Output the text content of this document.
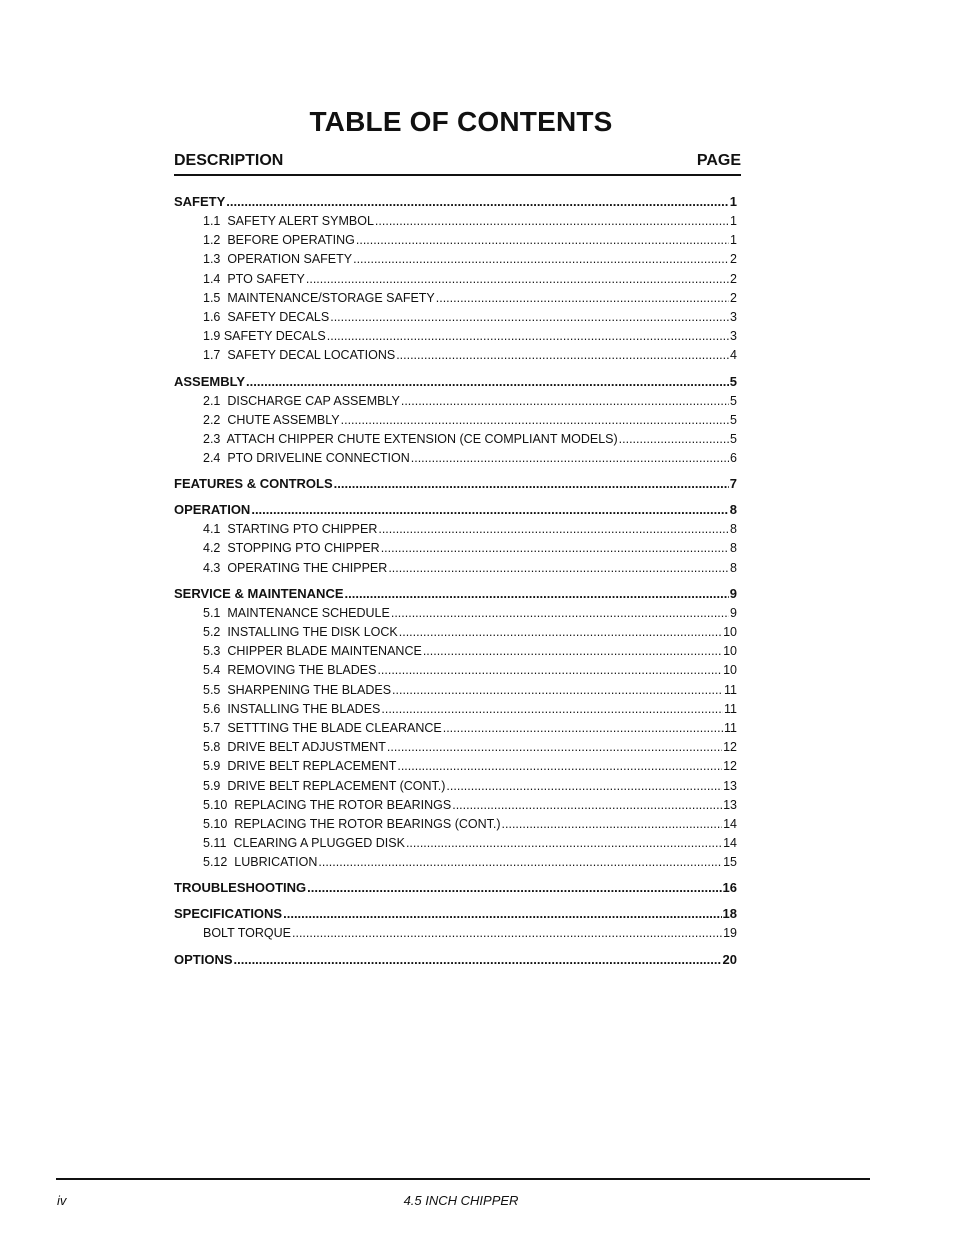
TABLE OF CONTENTS
DESCRIPTION	PAGE
SAFETY .....	1
1.1  SAFETY ALERT SYMBOL .....	1
1.2  BEFORE OPERATING .....	1
1.3  OPERATION SAFETY .....	2
1.4  PTO SAFETY .....	2
1.5  MAINTENANCE/STORAGE SAFETY .....	2
1.6  SAFETY DECALS .....	3
1.9 SAFETY DECALS .....	3
1.7  SAFETY DECAL LOCATIONS .....	4
ASSEMBLY .....	5
2.1  DISCHARGE CAP ASSEMBLY .....	5
2.2  CHUTE ASSEMBLY .....	5
2.3  ATTACH CHIPPER CHUTE EXTENSION (CE COMPLIANT MODELS) .....	5
2.4  PTO DRIVELINE CONNECTION .....	6
FEATURES & CONTROLS .....	7
OPERATION .....	8
4.1  STARTING PTO CHIPPER .....	8
4.2  STOPPING PTO CHIPPER .....	8
4.3  OPERATING THE CHIPPER .....	8
SERVICE & MAINTENANCE .....	9
5.1  MAINTENANCE SCHEDULE .....	9
5.2  INSTALLING THE DISK LOCK .....	10
5.3  CHIPPER BLADE MAINTENANCE .....	10
5.4  REMOVING THE BLADES .....	10
5.5  SHARPENING THE BLADES .....	11
5.6  INSTALLING THE BLADES .....	11
5.7  SETTTING THE BLADE CLEARANCE .....	11
5.8  DRIVE BELT ADJUSTMENT .....	12
5.9  DRIVE BELT REPLACEMENT .....	12
5.9  DRIVE BELT REPLACEMENT (CONT.) .....	13
5.10  REPLACING THE ROTOR BEARINGS .....	13
5.10  REPLACING THE ROTOR BEARINGS (CONT.) .....	14
5.11  CLEARING A PLUGGED DISK .....	14
5.12  LUBRICATION .....	15
TROUBLESHOOTING .....	16
SPECIFICATIONS .....	18
BOLT TORQUE .....	19
OPTIONS .....	20
iv	4.5 INCH CHIPPER
